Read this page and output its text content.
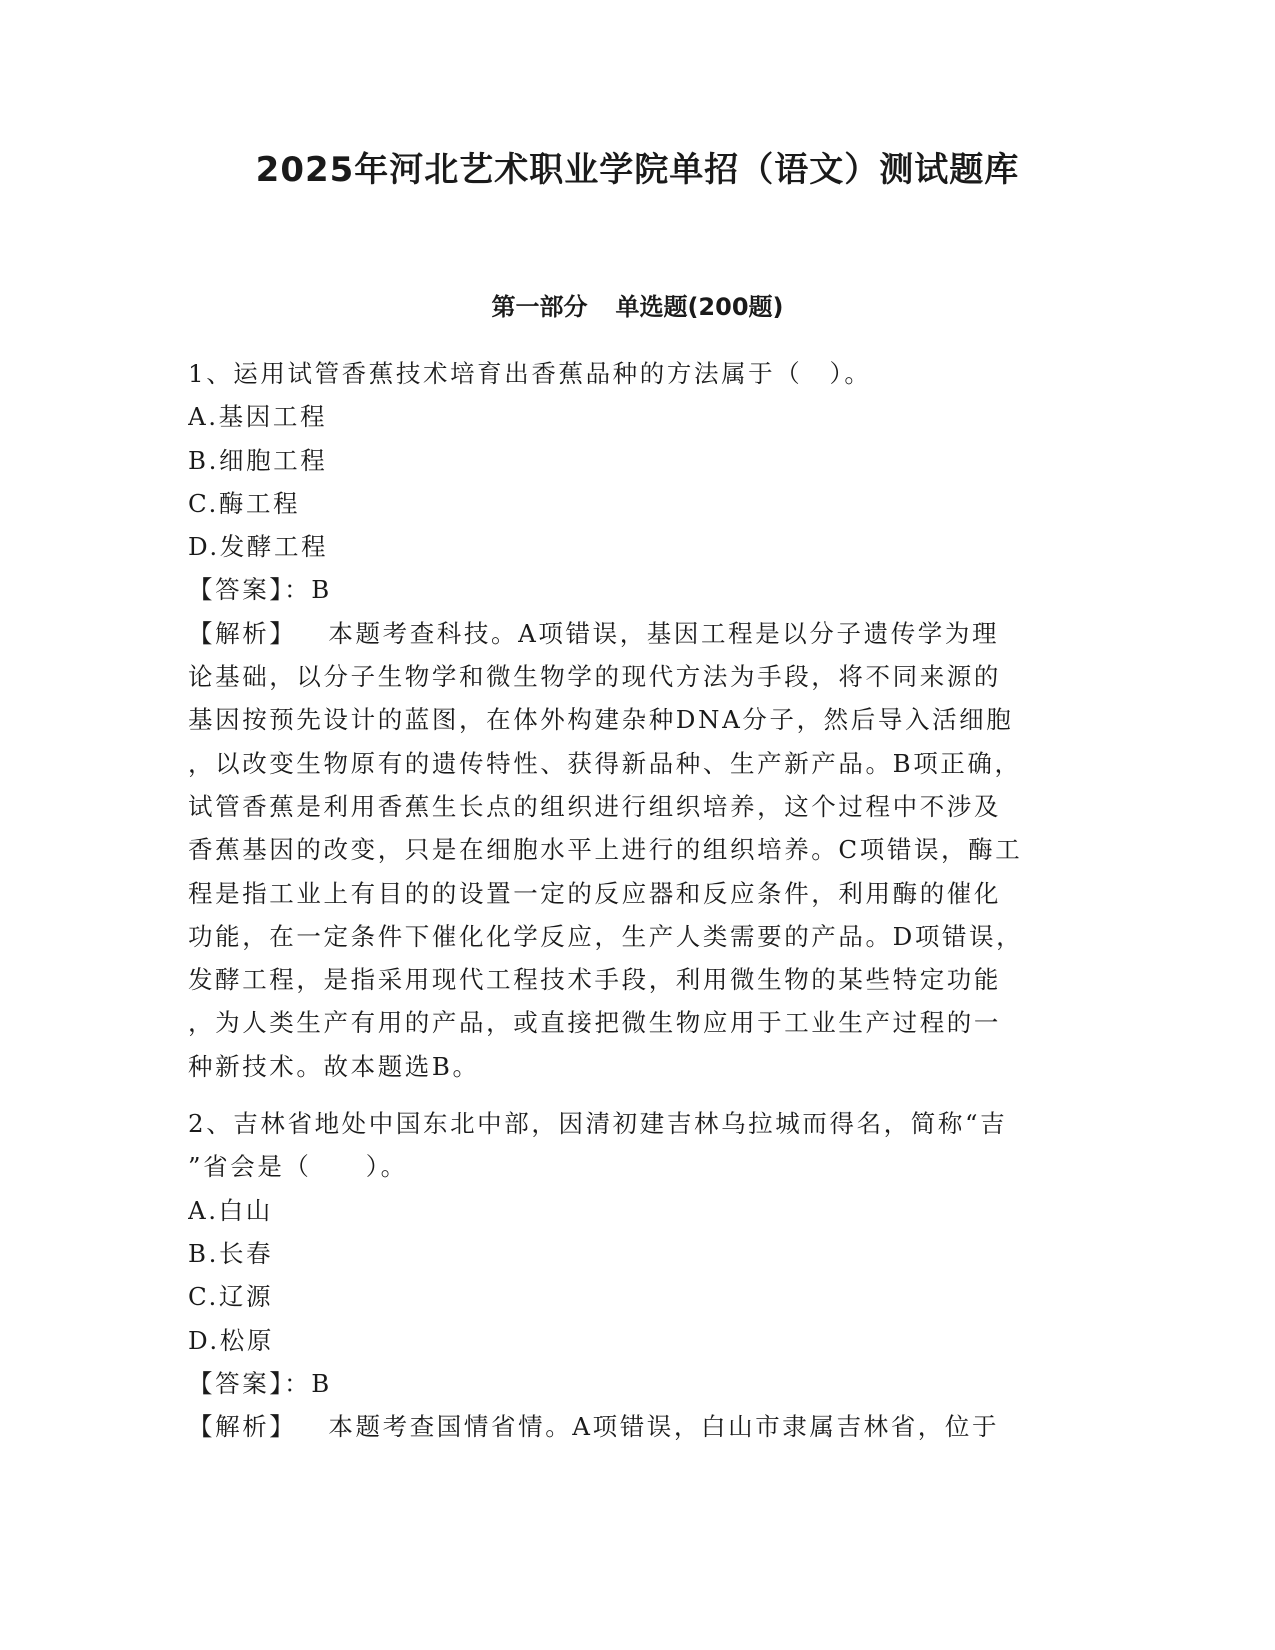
2025年河北艺术职业学院单招（语文）测试题库
第一部分 单选题(200题)
1、运用试管香蕉技术培育出香蕉品种的方法属于（　）。
A.基因工程
B.细胞工程
C.酶工程
D.发酵工程
【答案】：B
【解析】 本题考查科技。A项错误，基因工程是以分子遗传学为理
论基础，以分子生物学和微生物学的现代方法为手段，将不同来源的
基因按预先设计的蓝图，在体外构建杂种DNA分子，然后导入活细胞
，以改变生物原有的遗传特性、获得新品种、生产新产品。B项正确，
试管香蕉是利用香蕉生长点的组织进行组织培养，这个过程中不涉及
香蕉基因的改变，只是在细胞水平上进行的组织培养。C项错误，酶工
程是指工业上有目的的设置一定的反应器和反应条件，利用酶的催化
功能，在一定条件下催化化学反应，生产人类需要的产品。D项错误，
发酵工程，是指采用现代工程技术手段，利用微生物的某些特定功能
，为人类生产有用的产品，或直接把微生物应用于工业生产过程的一
种新技术。故本题选B。
2、吉林省地处中国东北中部，因清初建吉林乌拉城而得名，简称“吉
”省会是（　　）。
A.白山
B.长春
C.辽源
D.松原
【答案】：B
【解析】 本题考查国情省情。A项错误，白山市隶属吉林省，位于
